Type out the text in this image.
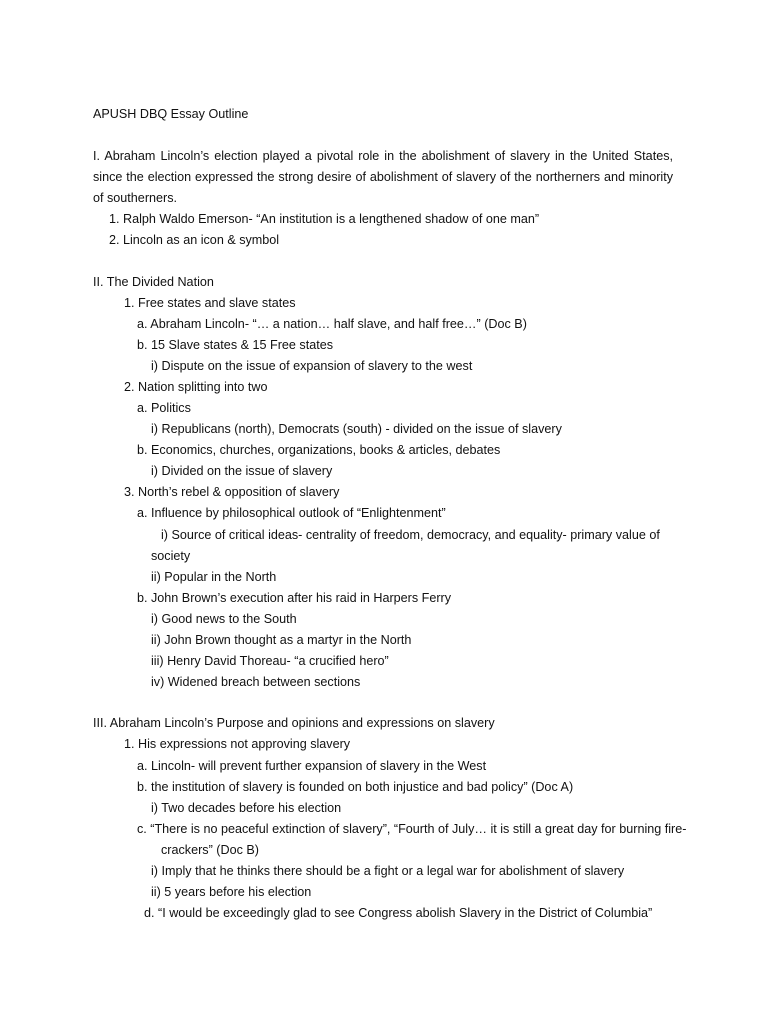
APUSH DBQ Essay Outline
I. Abraham Lincoln’s election played a pivotal role in the abolishment of slavery in the United States, since the election expressed the strong desire of abolishment of slavery of the northerners and minority of southerners.
1. Ralph Waldo Emerson- “An institution is a lengthened shadow of one man”
2. Lincoln as an icon & symbol
II. The Divided Nation
1. Free states and slave states
a. Abraham Lincoln- “… a nation… half slave, and half free…” (Doc B)
b. 15 Slave states & 15 Free states
i) Dispute on the issue of expansion of slavery to the west
2. Nation splitting into two
a. Politics
i) Republicans (north), Democrats (south) - divided on the issue of slavery
b. Economics, churches, organizations, books & articles, debates
i) Divided on the issue of slavery
3. North’s rebel & opposition of slavery
a. Influence by philosophical outlook of “Enlightenment”
i) Source of critical ideas- centrality of freedom, democracy, and equality- primary value of society
ii) Popular in the North
b. John Brown’s execution after his raid in Harpers Ferry
i) Good news to the South
ii) John Brown thought as a martyr in the North
iii) Henry David Thoreau- “a crucified hero”
iv) Widened breach between sections
III. Abraham Lincoln’s Purpose and opinions and expressions on slavery
1. His expressions not approving slavery
a. Lincoln- will prevent further expansion of slavery in the West
b. the institution of slavery is founded on both injustice and bad policy” (Doc A)
i) Two decades before his election
c. “There is no peaceful extinction of slavery”, “Fourth of July… it is still a great day for burning fire-crackers” (Doc B)
i) Imply that he thinks there should be a fight or a legal war for abolishment of slavery
ii) 5 years before his election
d. “I would be exceedingly glad to see Congress abolish Slavery in the District of Columbia”
